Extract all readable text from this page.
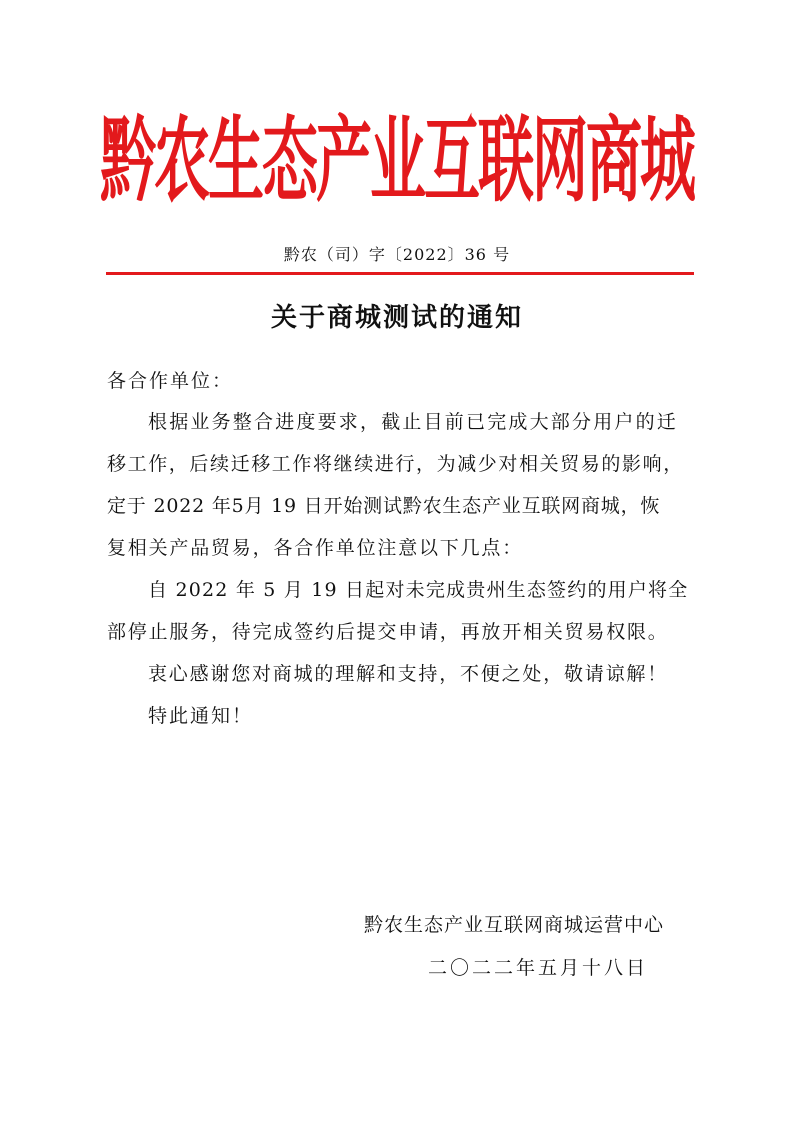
黔农生态产业互联网商城
黔农（司）字〔2022〕36 号
关于商城测试的通知
各合作单位：
根据业务整合进度要求，截止目前已完成大部分用户的迁
移工作，后续迁移工作将继续进行，为减少对相关贸易的影响，
定于 2022 年5月 19 日开始测试黔农生态产业互联网商城，恢
复相关产品贸易，各合作单位注意以下几点：
自 2022 年 5 月 19 日起对未完成贵州生态签约的用户将全
部停止服务，待完成签约后提交申请，再放开相关贸易权限。
衷心感谢您对商城的理解和支持，不便之处，敬请谅解！
特此通知！
黔农生态产业互联网商城运营中心
二〇二二年五月十八日
